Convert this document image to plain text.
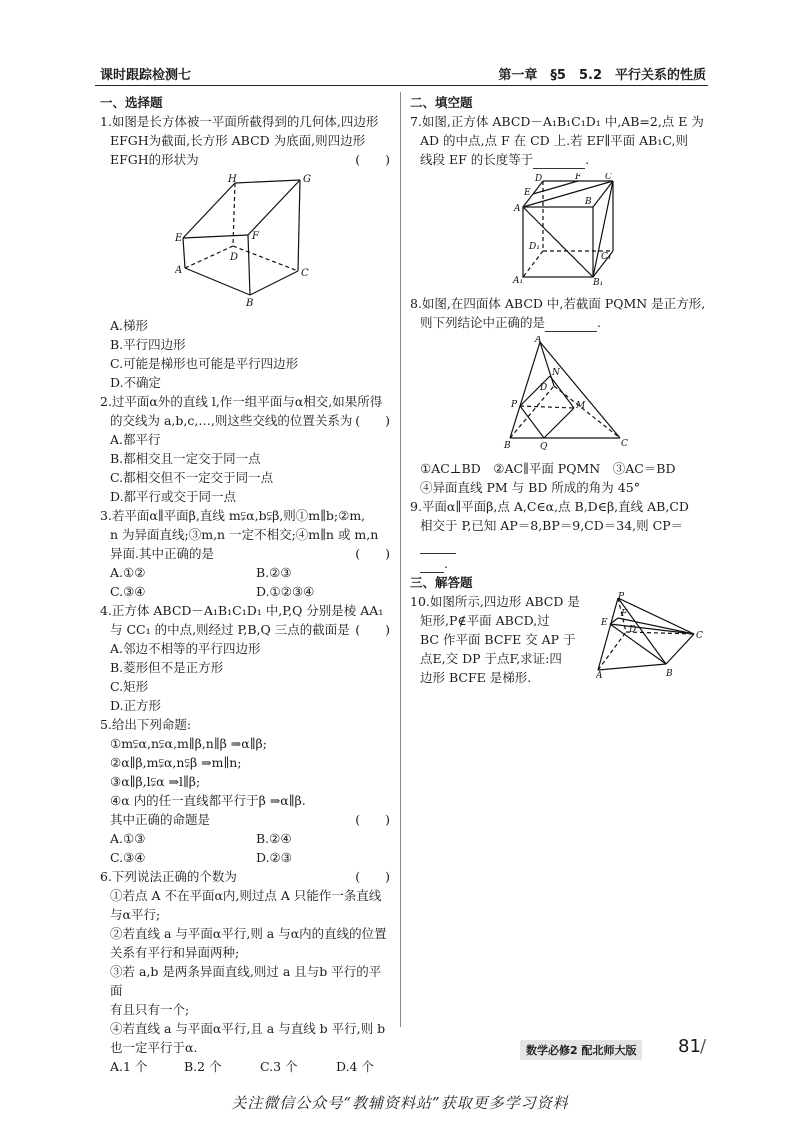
课时跟踪检测七	第一章　§5　5.2　平行关系的性质
一、选择题
1.如图是长方体被一平面所截得到的几何体,四边形
EFGH为截面,长方形 ABCD 为底面,则四边形
EFGH的形状为	(　　)
H	G
E	F
D
A	C
B
A.梯形
B.平行四边形
C.可能是梯形也可能是平行四边形
D.不确定
2.过平面α外的直线 l,作一组平面与α相交,如果所得
的交线为 a,b,c,…,则这些交线的位置关系为 (　　)
A.都平行
B.都相交且一定交于同一点
C.都相交但不一定交于同一点
D.都平行或交于同一点
3.若平面α∥平面β,直线 m⫋α,b⫋β,则①m∥b;②m,
n 为异面直线;③m,n 一定不相交;④m∥n 或 m,n
异面.其中正确的是	(　　)
A.①②	B.②③
C.③④	D.①②③④
4.正方体 ABCD－A₁B₁C₁D₁ 中,P,Q 分别是棱 AA₁
与 CC₁ 的中点,则经过 P,B,Q 三点的截面是 (　　)
A.邻边不相等的平行四边形
B.菱形但不是正方形
C.矩形
D.正方形
5.给出下列命题:
①m⫋α,n⫋α,m∥β,n∥β ⇒α∥β;
②α∥β,m⫋α,n⫋β ⇒m∥n;
③α∥β,l⫋α ⇒l∥β;
④α 内的任一直线都平行于β ⇒α∥β.
其中正确的命题是	(　　)
A.①③	B.②④
C.③④	D.②③
6.下列说法正确的个数为	(　　)
①若点 A 不在平面α内,则过点 A 只能作一条直线
与α平行;
②若直线 a 与平面α平行,则 a 与α内的直线的位置
关系有平行和异面两种;
③若 a,b 是两条异面直线,则过 a 且与b 平行的平面
有且只有一个;
④若直线 a 与平面α平行,且 a 与直线 b 平行,则 b
也一定平行于α.
A.1 个	B.2 个	C.3 个	D.4 个
二、填空题
7.如图,正方体 ABCD－A₁B₁C₁D₁ 中,AB=2,点 E 为
AD 的中点,点 F 在 CD 上.若 EF∥平面 AB₁C,则
线段 EF 的长度等于	.
D	F	C
E
A
B
D₁
C₁
A₁	B₁
8.如图,在四面体 ABCD 中,若截面 PQMN 是正方形,
则下列结论中正确的是	.
A
N
D
P	M
B	Q	C
①AC⊥BD　②AC∥平面 PQMN　③AC＝BD
④异面直线 PM 与 BD 所成的角为 45°
9.平面α∥平面β,点 A,C∈α,点 B,D∈β,直线 AB,CD
相交于 P,已知 AP＝8,BP＝9,CD＝34,则 CP＝
.
三、解答题
10.如图所示,四边形 ABCD 是
矩形,P∉平面 ABCD,过
BC 作平面 BCFE 交 AP 于
点E,交 DP 于点F,求证:四
边形 BCFE 是梯形.
P
F
E
D
C
A	B
数学必修2 配北师大版	81 /
关注微信公众号“教辅资料站”获取更多学习资料
